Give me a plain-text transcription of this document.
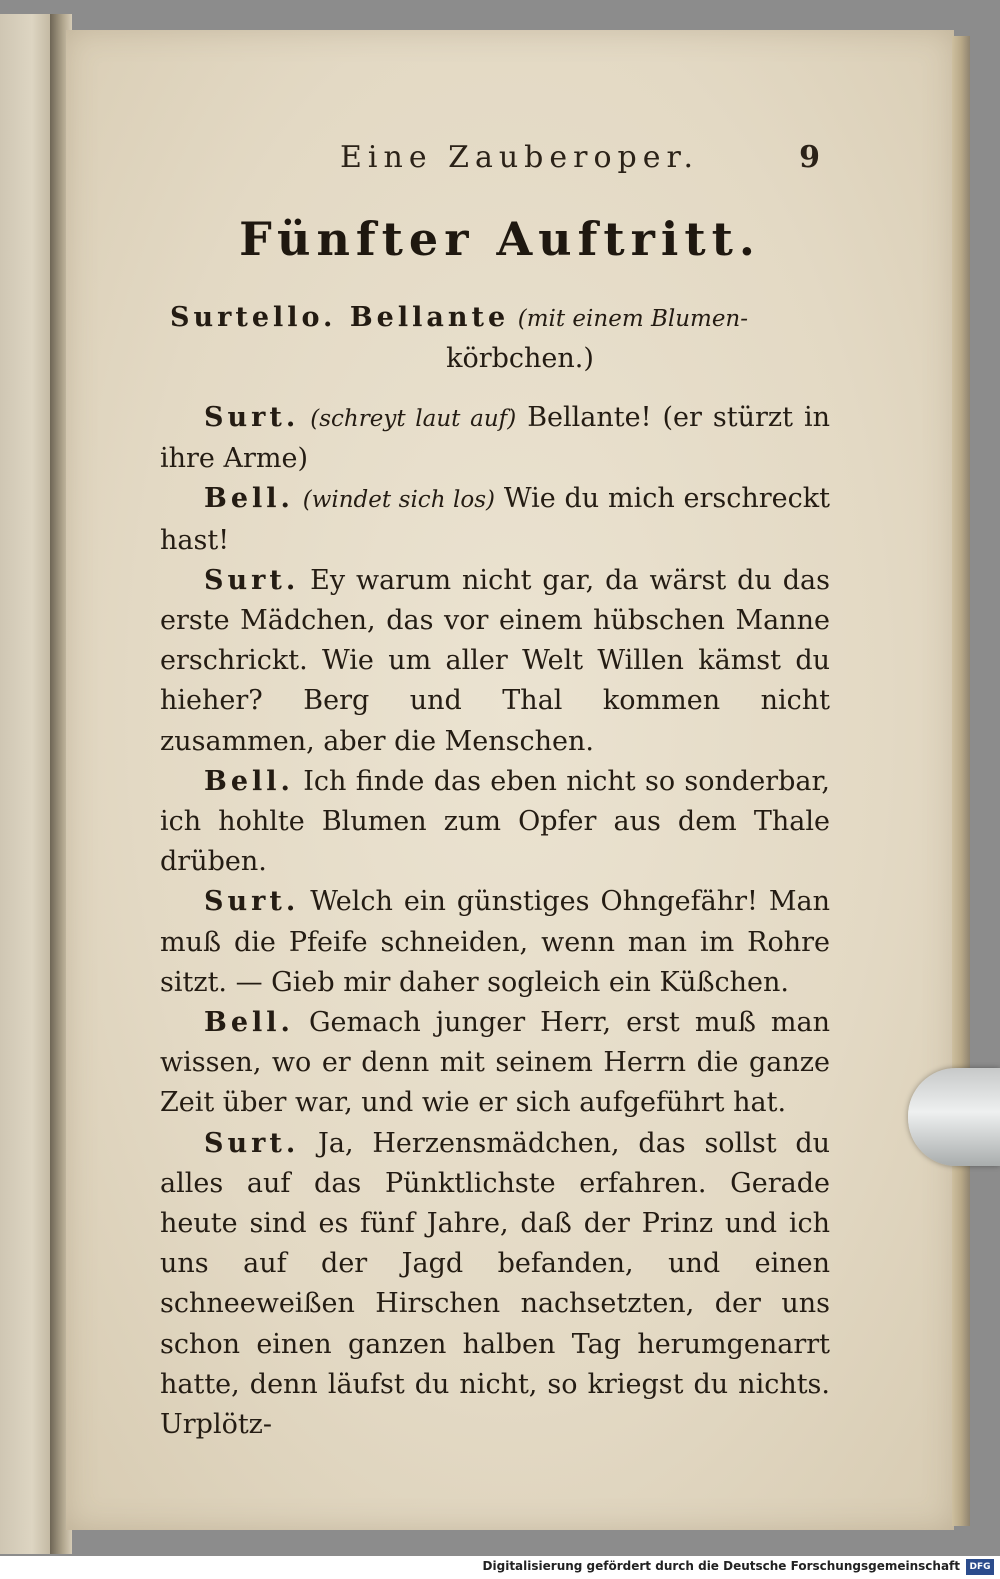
Eine Zauberoper.	9
Fünfter Auftritt.
Surtello. Bellante (mit einem Blumen-
körbchen.)

Surt. (schreyt laut auf) Bellante! (er stürzt in ihre Arme)

Bell. (windet sich los) Wie du mich erschreckt hast!

Surt. Ey warum nicht gar, da wärst du das erste Mädchen, das vor einem hübschen Manne erschrickt. Wie um aller Welt Willen kämst du hieher? Berg und Thal kommen nicht zusammen, aber die Menschen.

Bell. Ich finde das eben nicht so sonderbar, ich hohlte Blumen zum Opfer aus dem Thale drüben.

Surt. Welch ein günstiges Ohngefähr! Man muß die Pfeife schneiden, wenn man im Rohre sitzt. — Gieb mir daher sogleich ein Küßchen.

Bell. Gemach junger Herr, erst muß man wissen, wo er denn mit seinem Herrn die ganze Zeit über war, und wie er sich aufgeführt hat.

Surt. Ja, Herzensmädchen, das sollst du alles auf das Pünktlichste erfahren. Gerade heute sind es fünf Jahre, daß der Prinz und ich uns auf der Jagd befanden, und einen schneeweißen Hirschen nachsetzten, der uns schon einen ganzen halben Tag herumgenarrt hatte, denn läufst du nicht, so kriegst du nichts. Urplötz-

Digitalisierung gefördert durch die Deutsche Forschungsgemeinschaft	DFG
